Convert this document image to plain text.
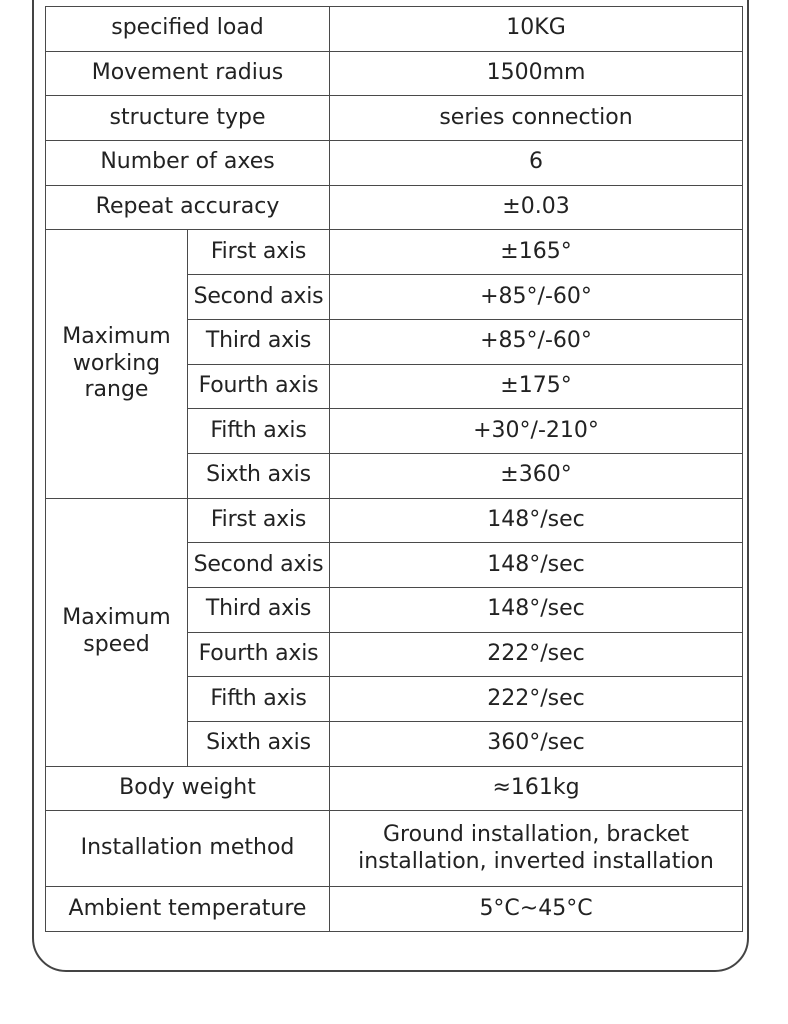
specified load		10KG
Movement radius		1500mm
structure type		series connection
Number of axes		6
Repeat accuracy		±0.03
Maximum
working
range	First axis	±165°
	Second axis	+85°/-60°
	Third axis	+85°/-60°
	Fourth axis	±175°
	Fifth axis	+30°/-210°
	Sixth axis	±360°
Maximum
speed	First axis	148°/sec
	Second axis	148°/sec
	Third axis	148°/sec
	Fourth axis	222°/sec
	Fifth axis	222°/sec
	Sixth axis	360°/sec
Body weight		≈161kg
Installation method		Ground installation, bracket installation, inverted installation
Ambient temperature		5°C~45°C
